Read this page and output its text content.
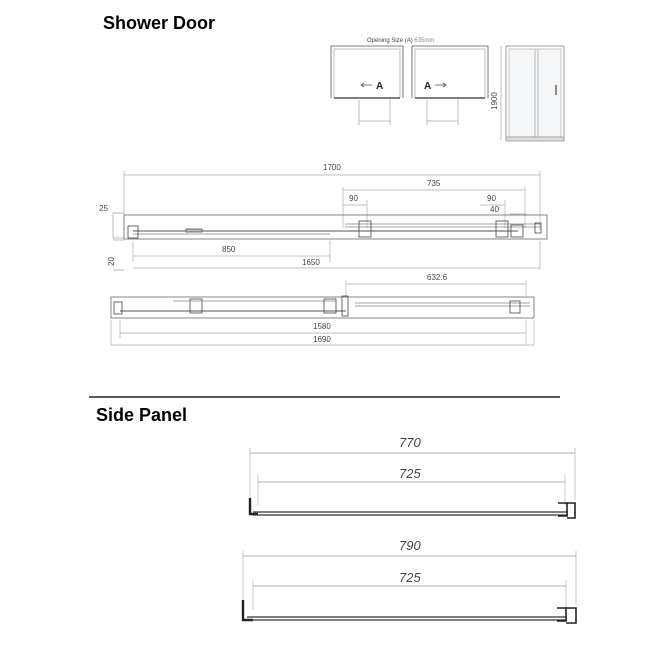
Shower Door
Side Panel
Opening Size (A) 635mm
A	A
1900
1700
735
90	90
40
25
20
850
1650
632.6
1580
1690
770
725
790
725
